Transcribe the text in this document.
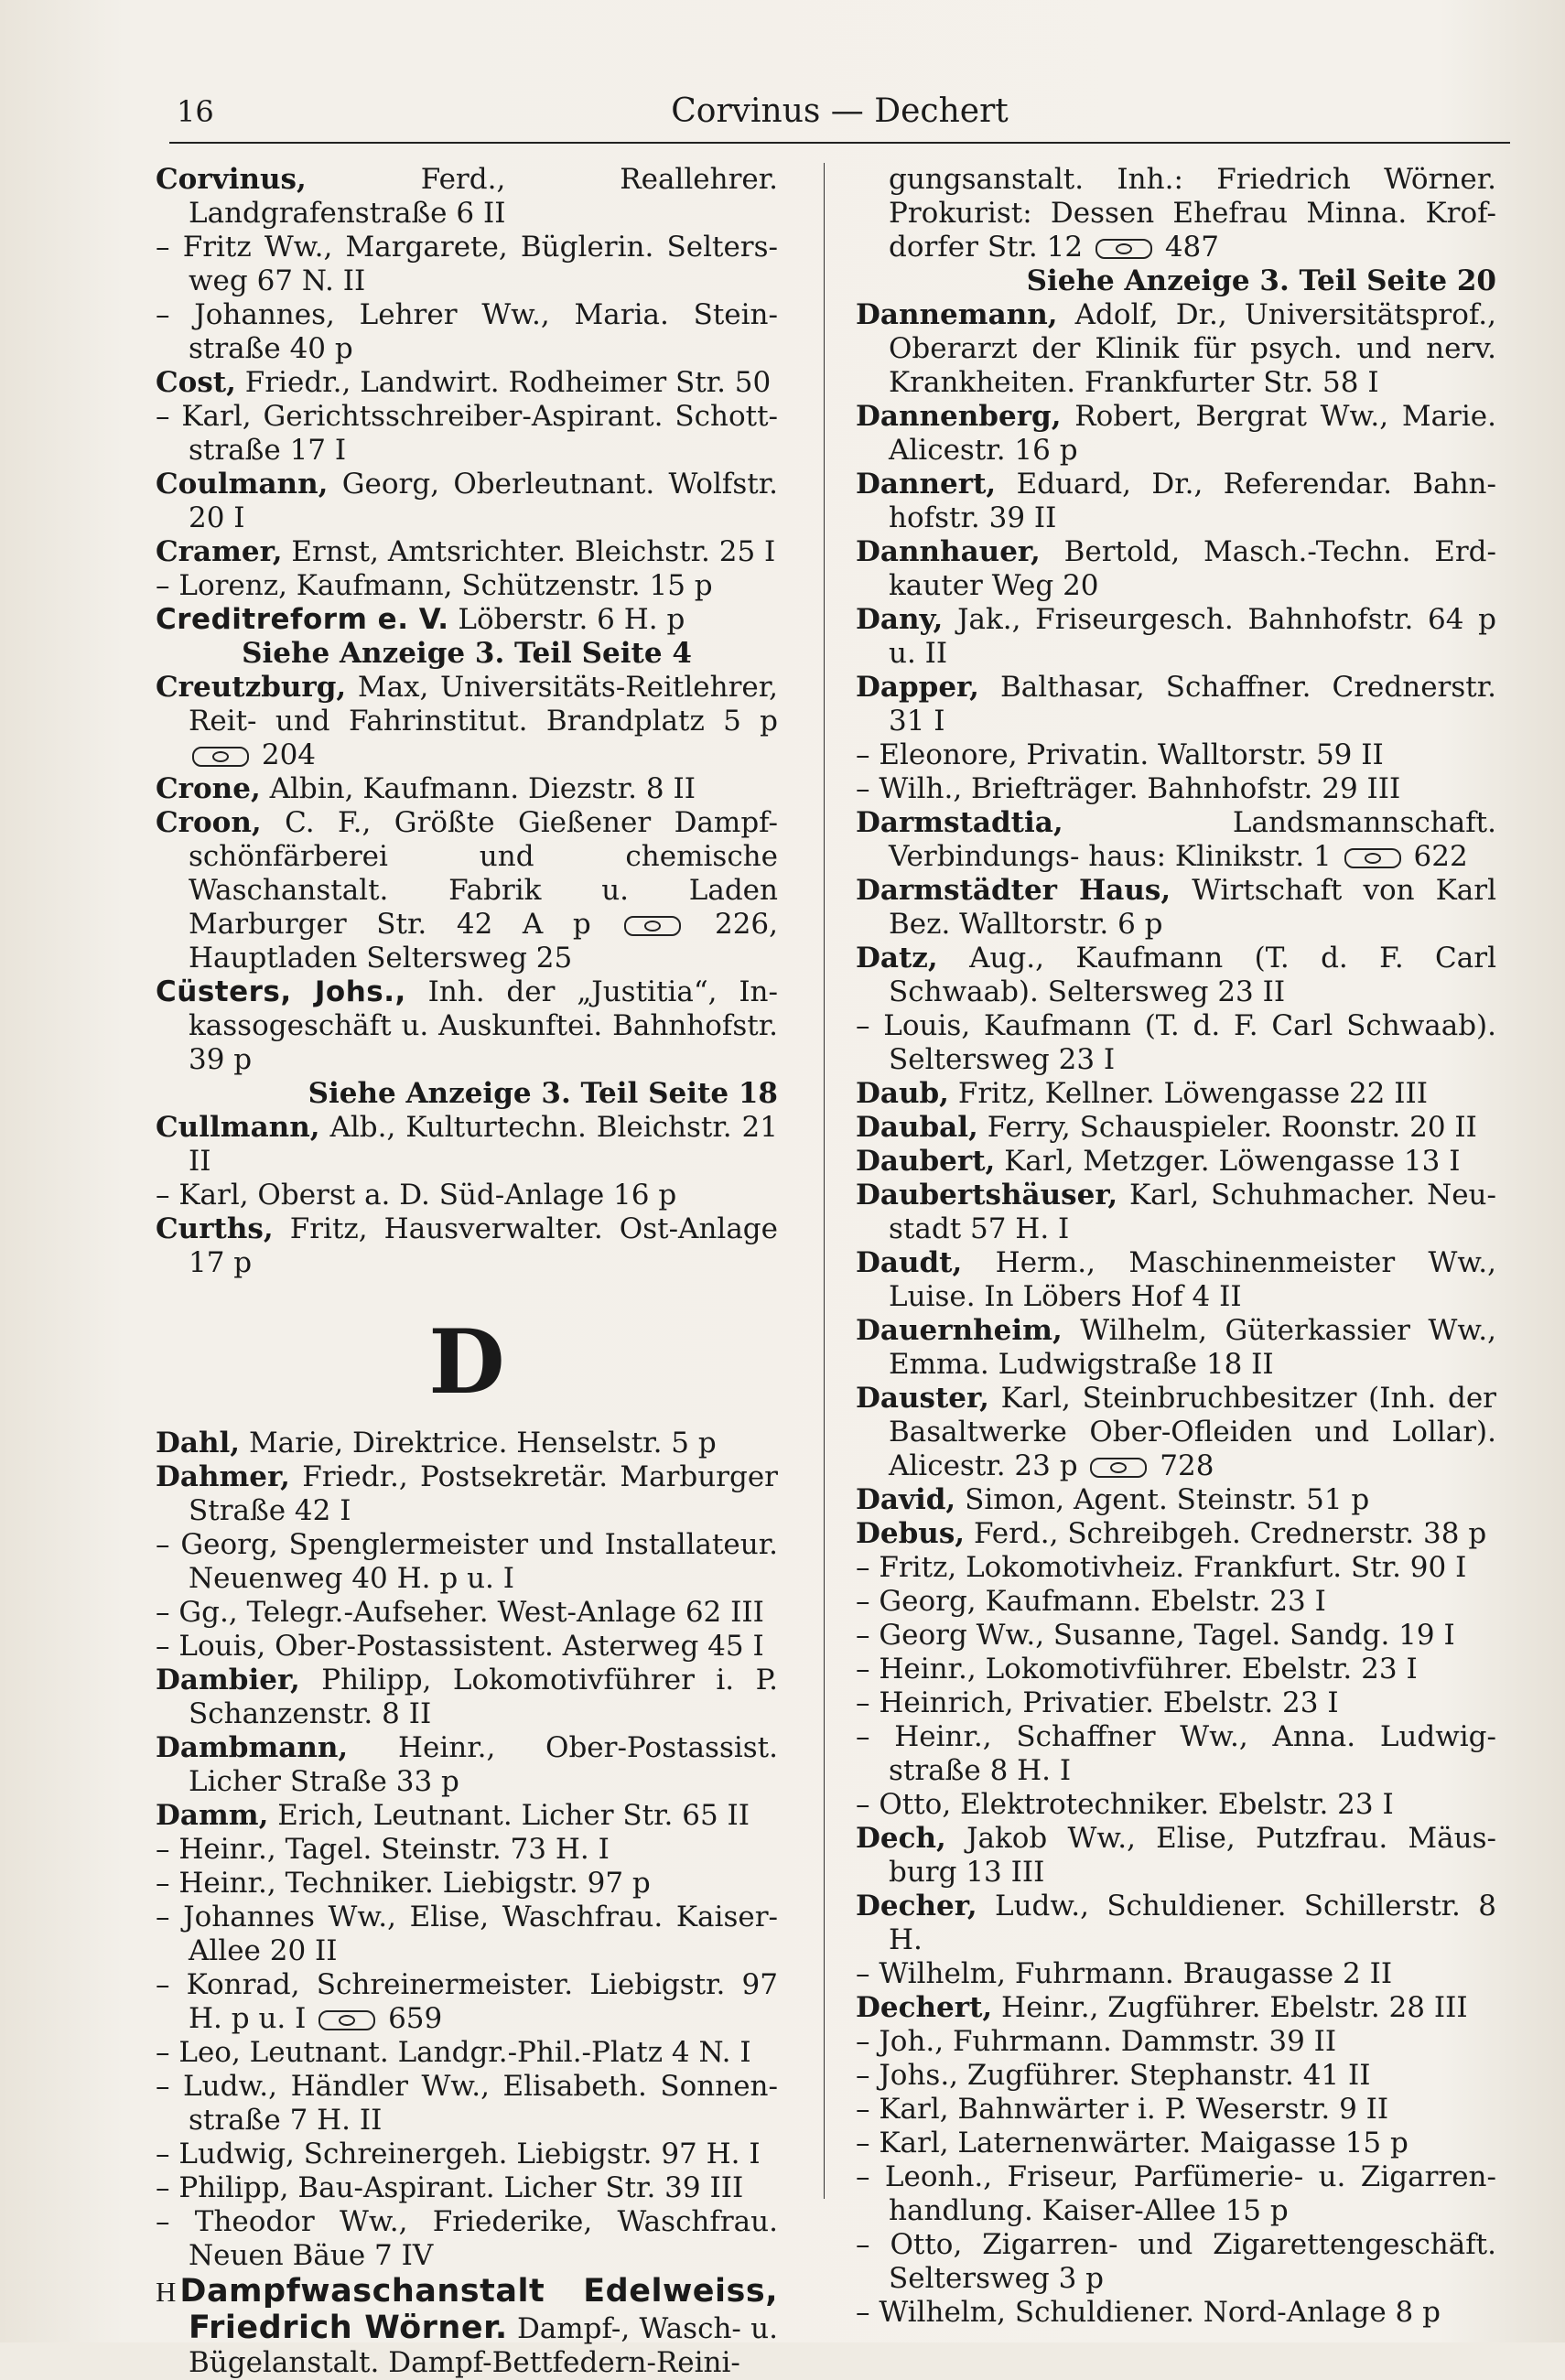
16	Corvinus — Dechert

Corvinus,	Ferd., Reallehrer. Landgrafenstraße 6 II

– Fritz Ww., Margarete, Büglerin. Selters- weg 67 N. II

– Johannes, Lehrer Ww., Maria. Stein- straße 40 p

Cost, Friedr., Landwirt. Rodheimer Str. 50

– Karl, Gerichtsschreiber-Aspirant. Schott- straße 17 I

Coulmann, Georg, Oberleutnant. Wolfstr. 20 I

Cramer, Ernst, Amtsrichter. Bleichstr. 25 I

– Lorenz, Kaufmann, Schützenstr. 15 p

Creditreform e. V. Löberstr. 6 H. p

Siehe Anzeige 3. Teil Seite 4

Creutzburg, Max, Universitäts-Reitlehrer, Reit- und Fahrinstitut. Brandplatz 5 p  204

Crone, Albin, Kaufmann. Diezstr. 8 II

Croon, C. F., Größte Gießener Dampf- schönfärberei und chemische Waschanstalt. Fabrik u. Laden Marburger Str. 42 A p	226, Hauptladen Seltersweg 25

Cüsters, Johs., Inh. der „Justitia“, In- kassogeschäft u. Auskunftei. Bahnhofstr. 39 p

Siehe Anzeige 3. Teil Seite 18

Cullmann, Alb., Kulturtechn. Bleichstr. 21 II

– Karl, Oberst a. D. Süd-Anlage 16 p

Curths, Fritz, Hausverwalter. Ost-Anlage 17 p

D

Dahl, Marie, Direktrice. Henselstr. 5 p

Dahmer, Friedr., Postsekretär. Marburger Straße 42 I

– Georg, Spenglermeister und Installateur. Neuenweg 40 H. p u. I

– Gg., Telegr.-Aufseher. West-Anlage 62 III

– Louis, Ober-Postassistent. Asterweg 45 I

Dambier, Philipp, Lokomotivführer i. P. Schanzenstr. 8 II

Dambmann, Heinr., Ober-Postassist. Licher Straße 33 p

Damm, Erich, Leutnant. Licher Str. 65 II

– Heinr., Tagel. Steinstr. 73 H. I

– Heinr., Techniker. Liebigstr. 97 p

– Johannes Ww., Elise, Waschfrau. Kaiser- Allee 20 II

– Konrad, Schreinermeister. Liebigstr. 97 H. p u. I	659

– Leo, Leutnant. Landgr.-Phil.-Platz 4 N. I

– Ludw., Händler Ww., Elisabeth. Sonnen- straße 7 H. II

– Ludwig, Schreinergeh. Liebigstr. 97 H. I

– Philipp, Bau-Aspirant. Licher Str. 39 III

– Theodor Ww., Friederike, Waschfrau. Neuen Bäue 7 IV

H Dampfwaschanstalt Edelweiss, Friedrich Wörner. Dampf-, Wasch- u. Bügelanstalt. Dampf-Bettfedern-Reini-

gungsanstalt. Inh.: Friedrich Wörner. Prokurist: Dessen Ehefrau Minna. Krof- dorfer Str. 12	487

Siehe Anzeige 3. Teil Seite 20

Dannemann, Adolf, Dr., Universitätsprof., Oberarzt der Klinik für psych. und nerv. Krankheiten. Frankfurter Str. 58 I

Dannenberg, Robert, Bergrat Ww., Marie. Alicestr. 16 p

Dannert, Eduard, Dr., Referendar. Bahn- hofstr. 39 II

Dannhauer, Bertold, Masch.-Techn. Erd- kauter Weg 20

Dany, Jak., Friseurgesch. Bahnhofstr. 64 p u. II

Dapper, Balthasar, Schaffner. Crednerstr. 31 I

– Eleonore, Privatin. Walltorstr. 59 II

– Wilh., Briefträger. Bahnhofstr. 29 III

Darmstadtia,	Landsmannschaft. Verbindungs- haus: Klinikstr. 1	622

Darmstädter Haus, Wirtschaft von Karl Bez. Walltorstr. 6 p

Datz, Aug., Kaufmann (T. d. F. Carl Schwaab). Seltersweg 23 II

– Louis, Kaufmann (T. d. F. Carl Schwaab). Seltersweg 23 I

Daub, Fritz, Kellner. Löwengasse 22 III

Daubal, Ferry, Schauspieler. Roonstr. 20 II

Daubert, Karl, Metzger. Löwengasse 13 I

Daubertshäuser, Karl, Schuhmacher. Neu- stadt 57 H. I

Daudt, Herm., Maschinenmeister Ww., Luise. In Löbers Hof 4 II

Dauernheim, Wilhelm, Güterkassier Ww., Emma. Ludwigstraße 18 II

Dauster, Karl, Steinbruchbesitzer (Inh. der Basaltwerke Ober-Ofleiden und Lollar). Alicestr. 23 p	728

David, Simon, Agent. Steinstr. 51 p

Debus, Ferd., Schreibgeh. Crednerstr. 38 p

– Fritz, Lokomotivheiz. Frankfurt. Str. 90 I

– Georg, Kaufmann. Ebelstr. 23 I

– Georg Ww., Susanne, Tagel. Sandg. 19 I

– Heinr., Lokomotivführer. Ebelstr. 23 I

– Heinrich, Privatier. Ebelstr. 23 I

– Heinr., Schaffner Ww., Anna. Ludwig- straße 8 H. I

– Otto, Elektrotechniker. Ebelstr. 23 I

Dech, Jakob Ww., Elise, Putzfrau. Mäus- burg 13 III

Decher, Ludw., Schuldiener. Schillerstr. 8 H.

– Wilhelm, Fuhrmann. Braugasse 2 II

Dechert, Heinr., Zugführer. Ebelstr. 28 III

– Joh., Fuhrmann. Dammstr. 39 II

– Johs., Zugführer. Stephanstr. 41 II

– Karl, Bahnwärter i. P. Weserstr. 9 II

– Karl, Laternenwärter. Maigasse 15 p

– Leonh., Friseur, Parfümerie- u. Zigarren- handlung. Kaiser-Allee 15 p

– Otto, Zigarren- und Zigarettengeschäft. Seltersweg 3 p

– Wilhelm, Schuldiener. Nord-Anlage 8 p
